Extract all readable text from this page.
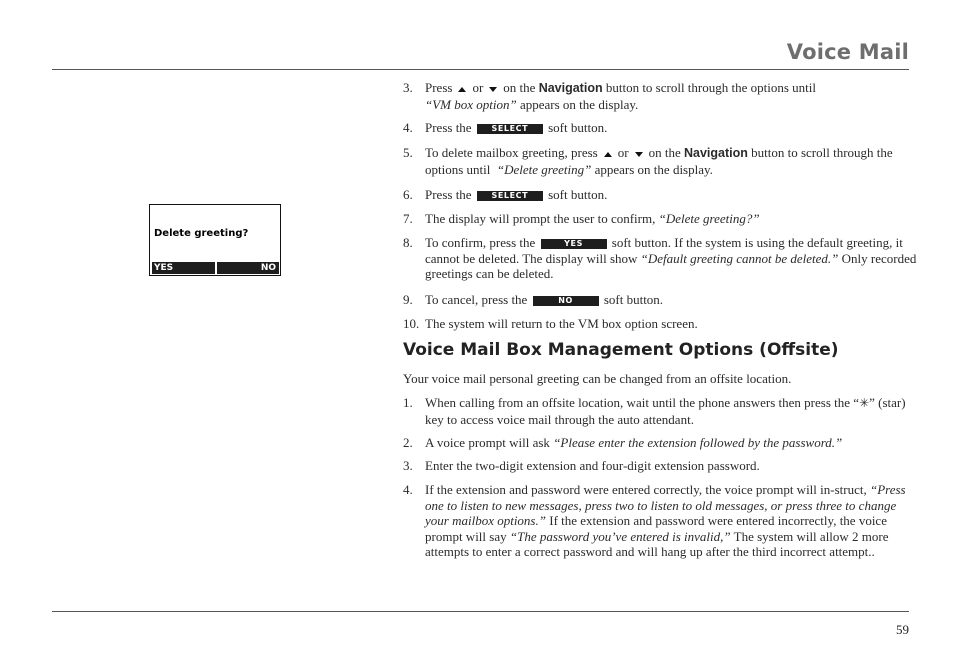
Voice Mail
Delete greeting?
YES	NO
3. Press or on the Navigation button to scroll through the options until
“VM box option” appears on the display.
4. Press the SELECT soft button.
5. To delete mailbox greeting, press or on the Navigation button to scroll through the options until “Delete greeting” appears on the display.
6. Press the SELECT soft button.
7. The display will prompt the user to confirm, “Delete greeting?”
8. To confirm, press the	YES soft button. If the system is using the default greeting, it cannot be deleted. The display will show “Default greeting cannot be deleted.” Only recorded greetings can be deleted.
9. To cancel, press the	NO soft button.
10. The system will return to the VM box option screen.
Voice Mail Box Management Options (Offsite)
Your voice mail personal greeting can be changed from an offsite location.
1. When calling from an offsite location, wait until the phone answers then press the “✳” (star) key to access voice mail through the auto attendant.
2. A voice prompt will ask “Please enter the extension followed by the password.”
3. Enter the two-digit extension and four-digit extension password.
4. If the extension and password were entered correctly, the voice prompt will in-struct, “Press one to listen to new messages, press two to listen to old messages, or press three to change your mailbox options.” If the extension and password were entered incorrectly, the voice prompt will say “The password you’ve entered is invalid,” The system will allow 2 more attempts to enter a correct password and will hang up after the third incorrect attempt..
59
